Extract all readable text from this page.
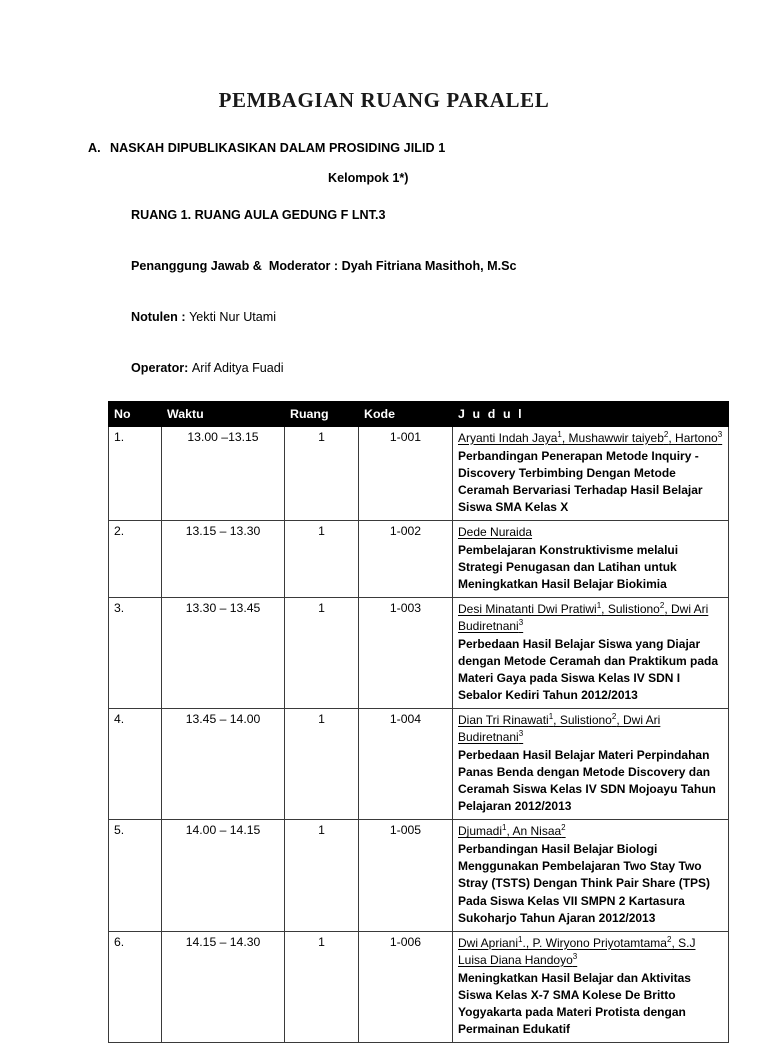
PEMBAGIAN RUANG PARALEL
A. NASKAH DIPUBLIKASIKAN DALAM PROSIDING JILID 1
Kelompok 1*)

RUANG 1. RUANG AULA GEDUNG F LNT.3

Penanggung Jawab &  Moderator : Dyah Fitriana Masithoh, M.Sc

Notulen : Yekti Nur Utami

Operator: Arif Aditya Fuadi

No	Waktu	Ruang	Kode	J u d u l
1.	13.00 –13.15	1	1-001	Aryanti Indah Jaya$^1$, Mushawwir taiyeb$^2$, Hartono$^3$
Perbandingan Penerapan Metode Inquiry - Discovery Terbimbing Dengan Metode Ceramah Bervariasi Terhadap Hasil Belajar Siswa SMA Kelas X

2.	13.15 – 13.30	1	1-002	Dede Nuraida
Pembelajaran Konstruktivisme melalui Strategi Penugasan dan Latihan untuk Meningkatkan Hasil Belajar Biokimia

3.	13.30 – 13.45	1	1-003	Desi Minatanti Dwi Pratiwi$^1$, Sulistiono$^2$, Dwi Ari Budiretnani$^3$
Perbedaan Hasil Belajar Siswa yang Diajar dengan Metode Ceramah dan Praktikum pada Materi Gaya pada Siswa Kelas IV SDN I Sebalor Kediri Tahun 2012/2013

4.	13.45 – 14.00	1	1-004	Dian Tri Rinawati$^1$, Sulistiono$^2$, Dwi Ari Budiretnani$^3$
Perbedaan Hasil Belajar Materi Perpindahan Panas Benda dengan Metode Discovery dan Ceramah Siswa Kelas IV SDN Mojoayu Tahun Pelajaran 2012/2013

5.	14.00 – 14.15	1	1-005	Djumadi$^1$, An Nisaa$^2$
Perbandingan Hasil Belajar Biologi Menggunakan Pembelajaran Two Stay Two Stray (TSTS) Dengan Think Pair Share (TPS) Pada Siswa Kelas VII SMPN 2 Kartasura Sukoharjo Tahun Ajaran 2012/2013

6.	14.15 – 14.30	1	1-006	Dwi Apriani$^1$., P. Wiryono Priyotamtama$^2$, S.J Luisa Diana Handoyo$^3$
Meningkatkan Hasil Belajar dan Aktivitas Siswa Kelas X-7 SMA Kolese De Britto Yogyakarta pada Materi Protista dengan Permainan Edukatif
